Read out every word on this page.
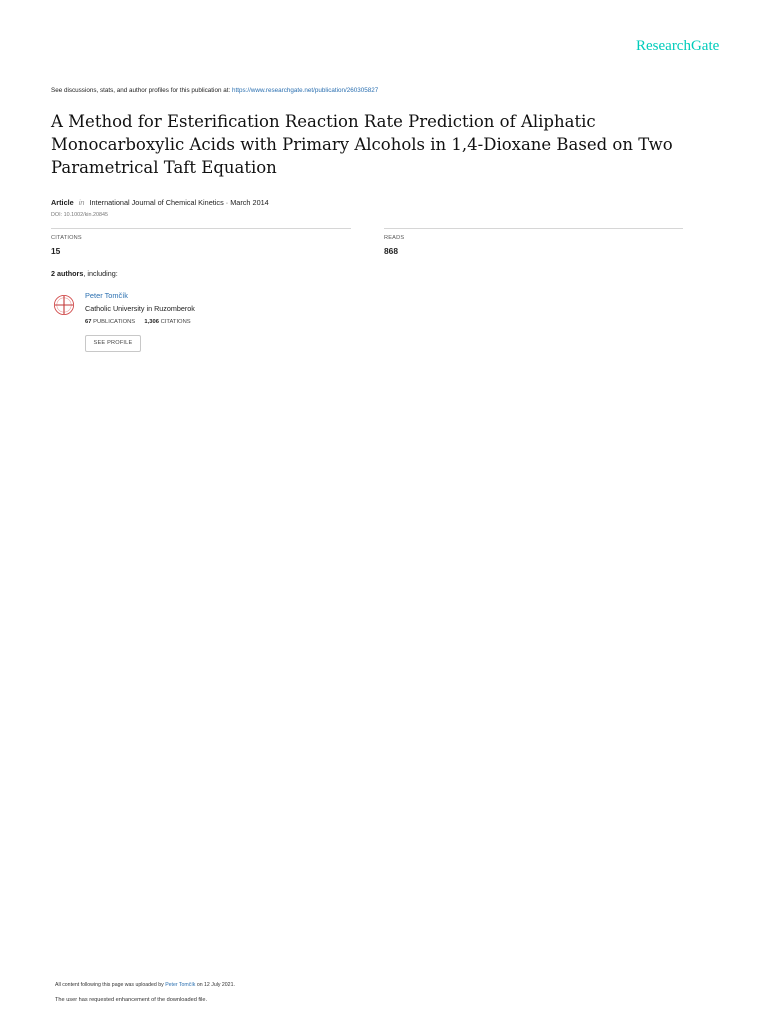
ResearchGate
See discussions, stats, and author profiles for this publication at: https://www.researchgate.net/publication/260305827
A Method for Esterification Reaction Rate Prediction of Aliphatic Monocarboxylic Acids with Primary Alcohols in 1,4-Dioxane Based on Two Parametrical Taft Equation
Article in International Journal of Chemical Kinetics · March 2014
DOI: 10.1002/kin.20845
CITATIONS
15
READS
868
2 authors, including:
Peter Tomčík
Catholic University in Ruzomberok
67 PUBLICATIONS 1,306 CITATIONS
SEE PROFILE
All content following this page was uploaded by Peter Tomčík on 12 July 2021.
The user has requested enhancement of the downloaded file.
